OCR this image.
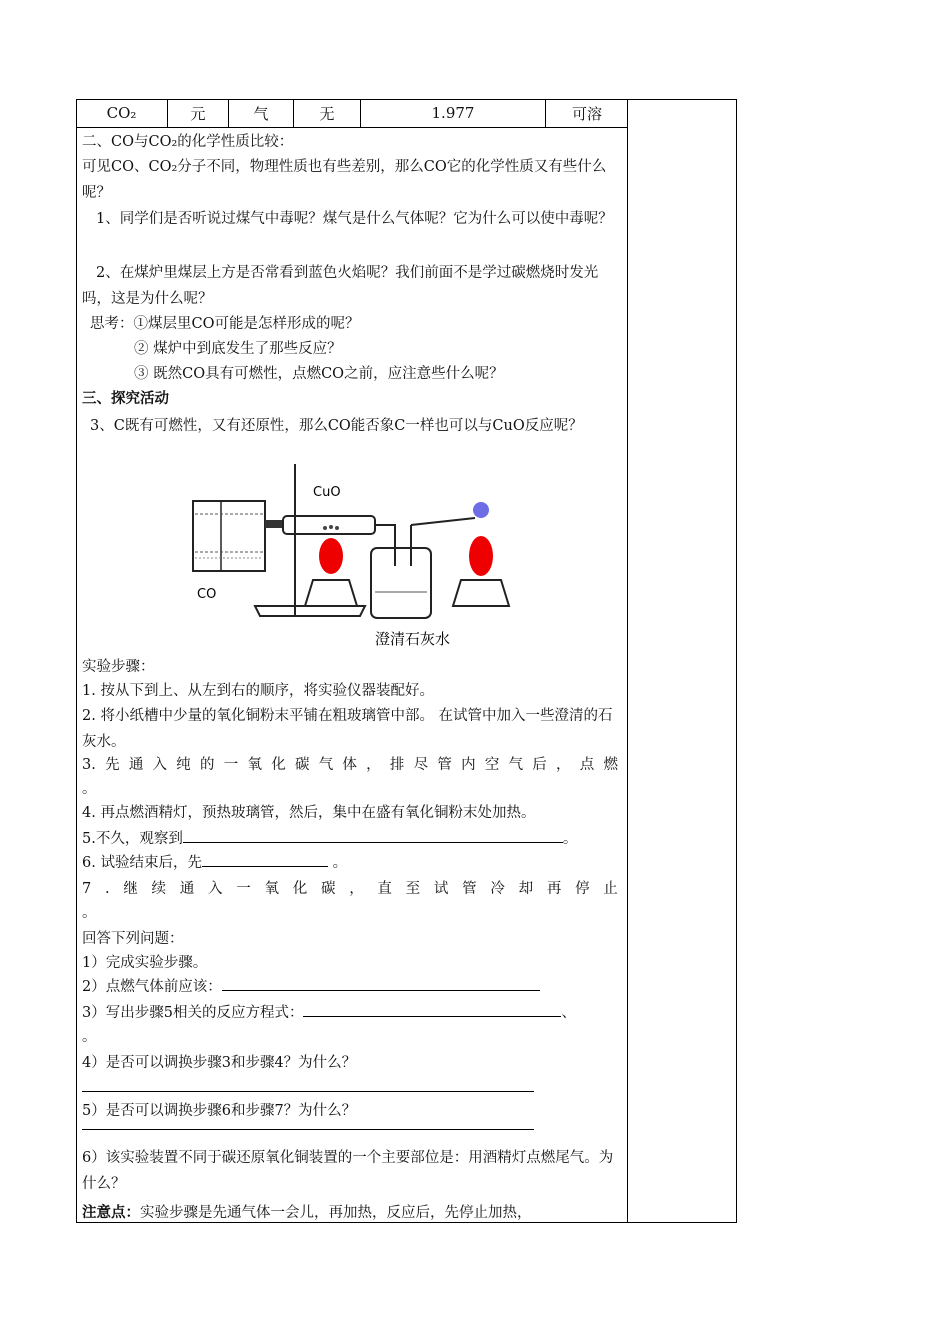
CO₂	元	气	无	1.977	可溶

二、CO与CO₂的化学性质比较：

可见CO、CO₂分子不同，物理性质也有些差别，那么CO它的化学性质又有些什么呢？

1、同学们是否听说过煤气中毒呢？煤气是什么气体呢？它为什么可以使中毒呢？

2、在煤炉里煤层上方是否常看到蓝色火焰呢？我们前面不是学过碳燃烧时发光吗，这是为什么呢？

思考：①煤层里CO可能是怎样形成的呢？

② 煤炉中到底发生了那些反应？

③ 既然CO具有可燃性，点燃CO之前，应注意些什么呢？

三、探究活动

3、C既有可燃性，又有还原性，那么CO能否象C一样也可以与CuO反应呢？

CuO
CO
澄清石灰水

实验步骤：

1. 按从下到上、从左到右的顺序，将实验仪器装配好。

2. 将小纸槽中少量的氧化铜粉末平铺在粗玻璃管中部。 在试管中加入一些澄清的石灰水。

3. 先 通 入 纯 的 一 氧 化 碳 气 体 ， 排 尽 管 内 空 气 后 ， 点 燃

。

4. 再点燃酒精灯，预热玻璃管，然后，集中在盛有氧化铜粉末处加热。

5.不久，观察到	。

6. 试验结束后，先	。

7 . 继 续 通 入 一 氧 化 碳 ， 直 至 试 管 冷 却 再 停 止

。

回答下列问题：

1）完成实验步骤。

2）点燃气体前应该：

3）写出步骤5相关的反应方程式：	、

。

4）是否可以调换步骤3和步骤4？为什么？

5）是否可以调换步骤6和步骤7？为什么？

6）该实验装置不同于碳还原氧化铜装置的一个主要部位是：用酒精灯点燃尾气。为什么？

注意点：实验步骤是先通气体一会儿，再加热，反应后，先停止加热，
